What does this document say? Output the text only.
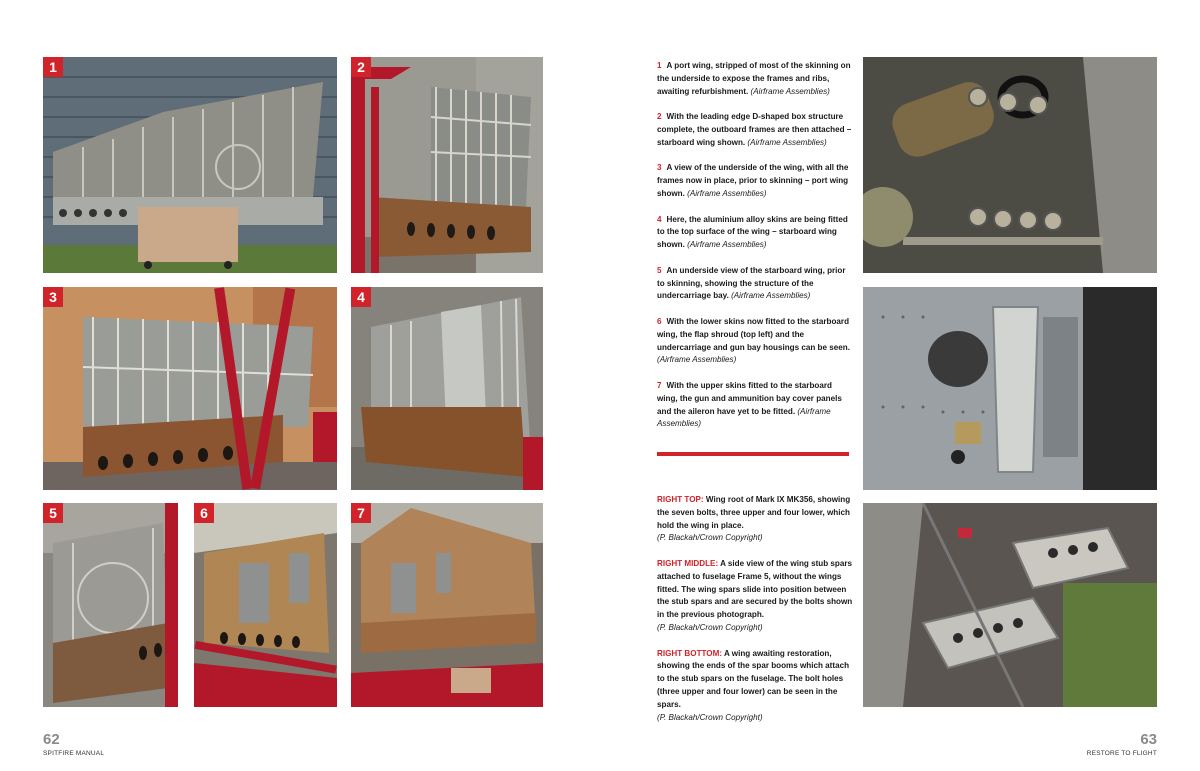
1	2
3	4
5	6	7

1 A port wing, stripped of most of the skinning on the underside to expose the frames and ribs, awaiting refurbishment. (Airframe Assemblies)

2 With the leading edge D-shaped box structure complete, the outboard frames are then attached – starboard wing shown. (Airframe Assemblies)

3 A view of the underside of the wing, with all the frames now in place, prior to skinning – port wing shown. (Airframe Assemblies)

4 Here, the aluminium alloy skins are being fitted to the top surface of the wing – starboard wing shown. (Airframe Assemblies)

5 An underside view of the starboard wing, prior to skinning, showing the structure of the undercarriage bay. (Airframe Assemblies)

6 With the lower skins now fitted to the starboard wing, the flap shroud (top left) and the undercarriage and gun bay housings can be seen. (Airframe Assemblies)

7 With the upper skins fitted to the starboard wing, the gun and ammunition bay cover panels and the aileron have yet to be fitted. (Airframe Assemblies)

RIGHT TOP: Wing root of Mark IX MK356, showing the seven bolts, three upper and four lower, which hold the wing in place.
(P. Blackah/Crown Copyright)

RIGHT MIDDLE: A side view of the wing stub spars attached to fuselage Frame 5, without the wings fitted. The wing spars slide into position between the stub spars and are secured by the bolts shown in the previous photograph.
(P. Blackah/Crown Copyright)

RIGHT BOTTOM: A wing awaiting restoration, showing the ends of the spar booms which attach to the stub spars on the fuselage. The bolt holes (three upper and four lower) can be seen in the spars.
(P. Blackah/Crown Copyright)

62
SPITFIRE MANUAL
63
RESTORE TO FLIGHT
